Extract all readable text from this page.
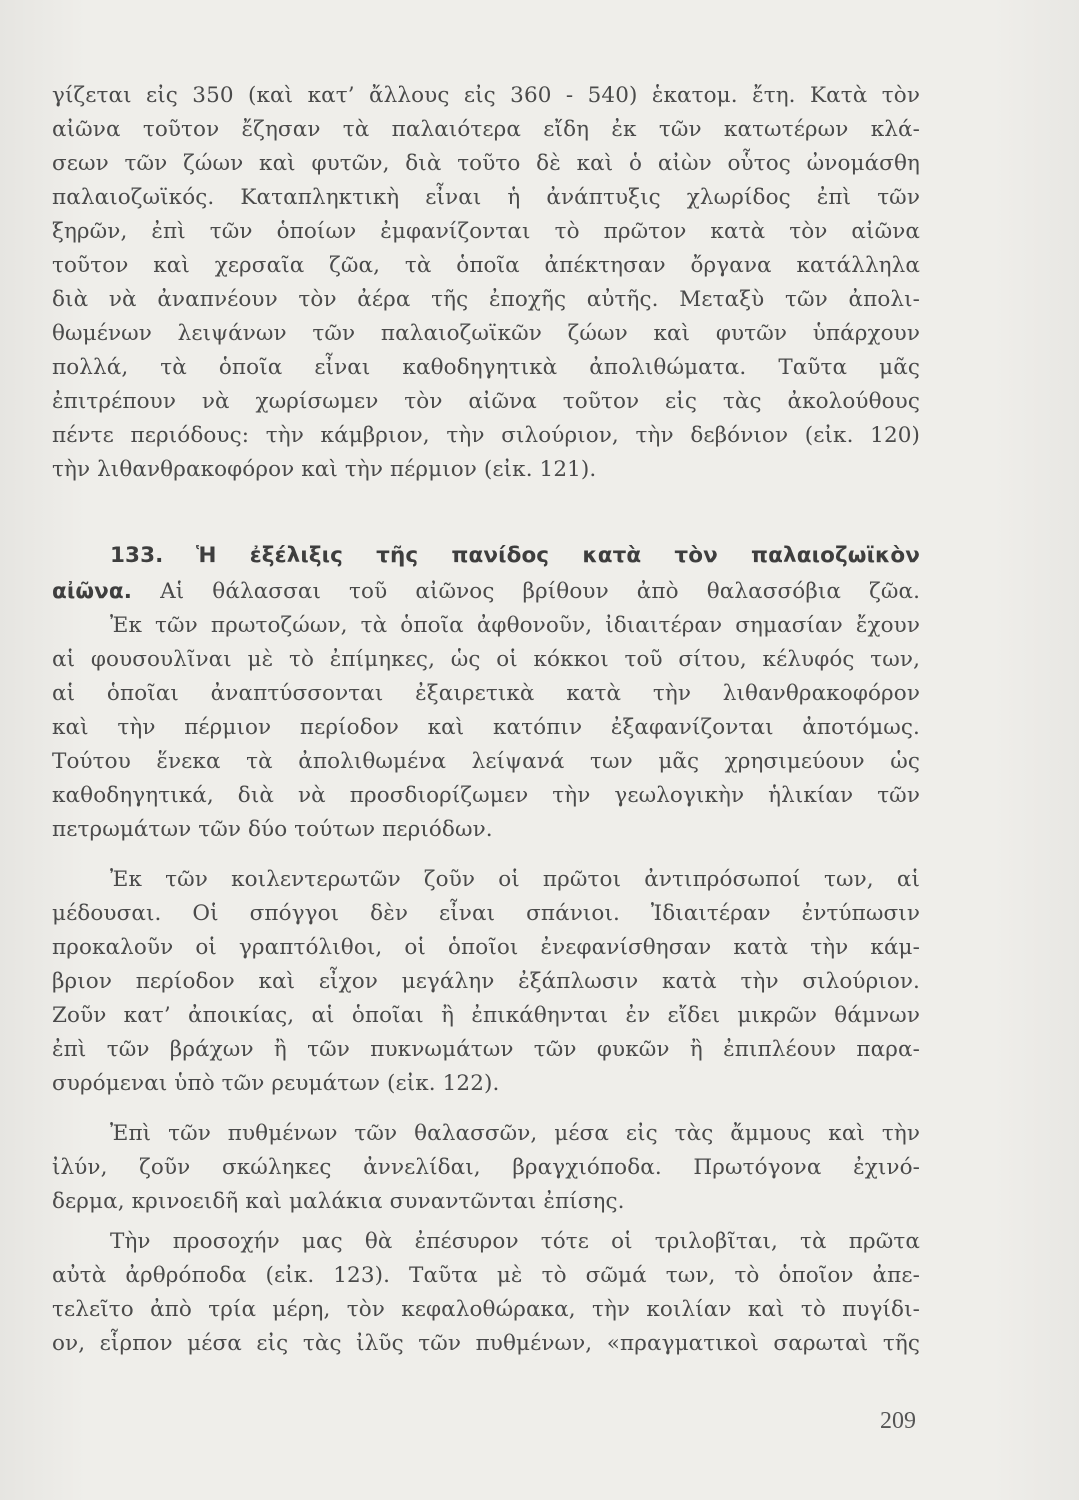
γίζεται εἰς 350 (καὶ κατ’ ἄλλους εἰς 360 - 540) ἑκατομ. ἔτη. Κατὰ τὸν
αἰῶνα τοῦτον ἔζησαν τὰ παλαιότερα εἴδη ἐκ τῶν κατωτέρων κλά-
σεων τῶν ζώων καὶ φυτῶν, διὰ τοῦτο δὲ καὶ ὁ αἰὼν οὗτος ὠνομάσθη
παλαιοζωϊκός. Καταπληκτικὴ εἶναι ἡ ἀνάπτυξις χλωρίδος ἐπὶ τῶν
ξηρῶν, ἐπὶ τῶν ὁποίων ἐμφανίζονται τὸ πρῶτον κατὰ τὸν αἰῶνα
τοῦτον καὶ χερσαῖα ζῶα, τὰ ὁποῖα ἀπέκτησαν ὄργανα κατάλληλα
διὰ νὰ ἀναπνέουν τὸν ἀέρα τῆς ἐποχῆς αὐτῆς. Μεταξὺ τῶν ἀπολι-
θωμένων λειψάνων τῶν παλαιοζωϊκῶν ζώων καὶ φυτῶν ὑπάρχουν
πολλά, τὰ ὁποῖα εἶναι καθοδηγητικὰ ἀπολιθώματα. Ταῦτα μᾶς
ἐπιτρέπουν νὰ χωρίσωμεν τὸν αἰῶνα τοῦτον εἰς τὰς ἀκολούθους
πέντε περιόδους: τὴν κάμβριον, τὴν σιλούριον, τὴν δεβόνιον (εἰκ. 120)
τὴν λιθανθρακοφόρον καὶ τὴν πέρμιον (εἰκ. 121).
133. Ἡ ἐξέλιξις τῆς πανίδος κατὰ τὸν παλαιοζωϊκὸν
αἰῶνα. Αἱ θάλασσαι τοῦ αἰῶνος βρίθουν ἀπὸ θαλασσόβια ζῶα.
Ἐκ τῶν πρωτοζώων, τὰ ὁποῖα ἀφθονοῦν, ἰδιαιτέραν σημασίαν ἔχουν
αἱ φουσουλῖναι μὲ τὸ ἐπίμηκες, ὡς οἱ κόκκοι τοῦ σίτου, κέλυφός των,
αἱ ὁποῖαι ἀναπτύσσονται ἐξαιρετικὰ κατὰ τὴν λιθανθρακοφόρον
καὶ τὴν πέρμιον περίοδον καὶ κατόπιν ἐξαφανίζονται ἀποτόμως.
Τούτου ἕνεκα τὰ ἀπολιθωμένα λείψανά των μᾶς χρησιμεύουν ὡς
καθοδηγητικά, διὰ νὰ προσδιορίζωμεν τὴν γεωλογικὴν ἡλικίαν τῶν
πετρωμάτων τῶν δύο τούτων περιόδων.
Ἐκ τῶν κοιλεντερωτῶν ζοῦν οἱ πρῶτοι ἀντιπρόσωποί των, αἱ
μέδουσαι. Οἱ σπόγγοι δὲν εἶναι σπάνιοι. Ἰδιαιτέραν ἐντύπωσιν
προκαλοῦν οἱ γραπτόλιθοι, οἱ ὁποῖοι ἐνεφανίσθησαν κατὰ τὴν κάμ-
βριον περίοδον καὶ εἶχον μεγάλην ἐξάπλωσιν κατὰ τὴν σιλούριον.
Ζοῦν κατ’ ἀποικίας, αἱ ὁποῖαι ἢ ἐπικάθηνται ἐν εἴδει μικρῶν θάμνων
ἐπὶ τῶν βράχων ἢ τῶν πυκνωμάτων τῶν φυκῶν ἢ ἐπιπλέουν παρα-
συρόμεναι ὑπὸ τῶν ρευμάτων (εἰκ. 122).
Ἐπὶ τῶν πυθμένων τῶν θαλασσῶν, μέσα εἰς τὰς ἄμμους καὶ τὴν
ἰλύν, ζοῦν σκώληκες ἀννελίδαι, βραγχιόποδα. Πρωτόγονα ἐχινό-
δερμα, κρινοειδῆ καὶ μαλάκια συναντῶνται ἐπίσης.
Τὴν προσοχήν μας θὰ ἐπέσυρον τότε οἱ τριλοβῖται, τὰ πρῶτα
αὐτὰ ἀρθρόποδα (εἰκ. 123). Ταῦτα μὲ τὸ σῶμά των, τὸ ὁποῖον ἀπε-
τελεῖτο ἀπὸ τρία μέρη, τὸν κεφαλοθώρακα, τὴν κοιλίαν καὶ τὸ πυγίδι-
ον, εἷρπον μέσα εἰς τὰς ἰλῦς τῶν πυθμένων, «πραγματικοὶ σαρωταὶ τῆς
209
